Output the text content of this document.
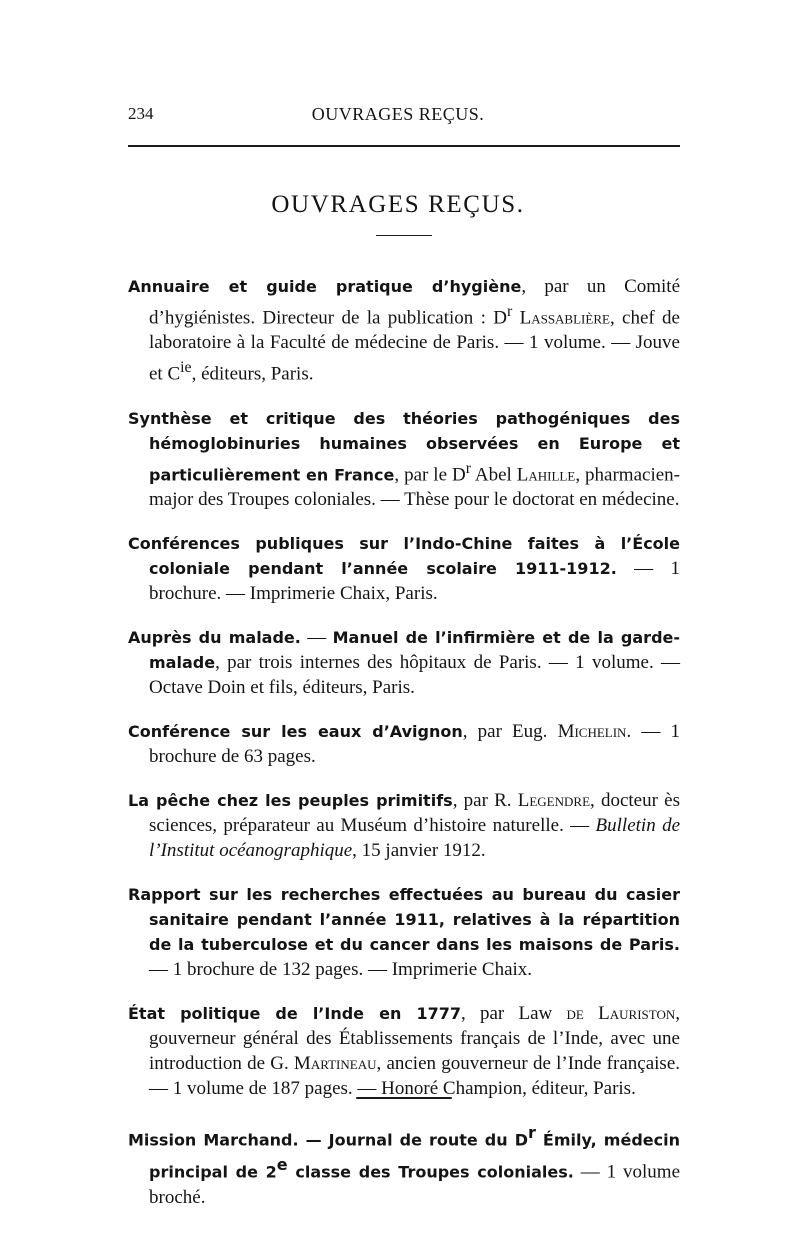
234	OUVRAGES REÇUS.
OUVRAGES REÇUS.

Annuaire et guide pratique d’hygiène, par un Comité d’hygiénistes. Directeur de la publication : $D^r$ Lassablière, chef de laboratoire à la Faculté de médecine de Paris. — 1 volume. — Jouve et $C^{ie}$, éditeurs, Paris.

Synthèse et critique des théories pathogéniques des hémoglobinuries humaines observées en Europe et particulièrement en France, par le $D^r$ Abel Lahille, pharmacien-major des Troupes coloniales. — Thèse pour le doctorat en médecine.

Conférences publiques sur l’Indo-Chine faites à l’École coloniale pendant l’année scolaire 1911-1912. — 1 brochure. — Imprimerie Chaix, Paris.

Auprès du malade. — Manuel de l’infirmière et de la garde-malade, par trois internes des hôpitaux de Paris. — 1 volume. — Octave Doin et fils, éditeurs, Paris.

Conférence sur les eaux d’Avignon, par Eug. Michelin. — 1 brochure de 63 pages.

La pêche chez les peuples primitifs, par R. Legendre, docteur ès sciences, préparateur au Muséum d’histoire naturelle. — Bulletin de l’Institut océanographique, 15 janvier 1912.

Rapport sur les recherches effectuées au bureau du casier sanitaire pendant l’année 1911, relatives à la répartition de la tuberculose et du cancer dans les maisons de Paris. — 1 brochure de 132 pages. — Imprimerie Chaix.

État politique de l’Inde en 1777, par Law de Lauriston, gouverneur général des Établissements français de l’Inde, avec une introduction de G. Martineau, ancien gouverneur de l’Inde française. — 1 volume de 187 pages. — Honoré Champion, éditeur, Paris.

Mission Marchand. — Journal de route du $D^r$ Émily, médecin principal de 2e classe des Troupes coloniales. — 1 volume broché.
